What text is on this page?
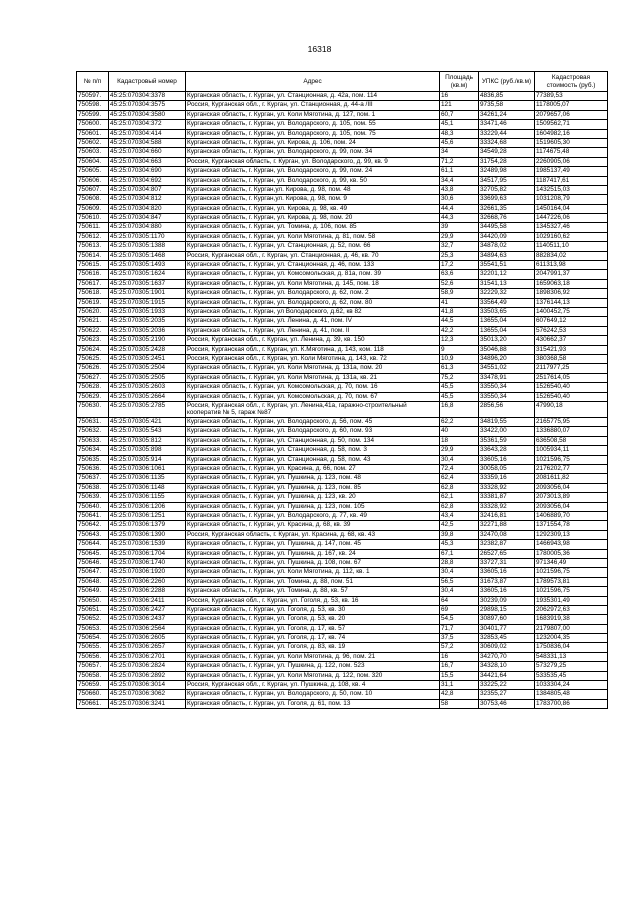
16318
№ п/п	Кадастровый номер	Адрес	Площадь (кв.м)	УПКС (руб./кв.м)	Кадастровая стоимость (руб.)
750597.	45:25:070304:3378	Курганская область, г. Курган, ул. Станционная, д. 42а, пом. 114	16	4836,85	77389,53
750598.	45:25:070304:3575	Россия, Курганская обл., г. Курган, ул. Станционная, д. 44-а /III	121	9735,58	1178005,07
750599.	45:25:070304:3580	Курганская область, г. Курган, ул. Коли Мяготина, д. 127, пом. 1	60,7	34261,24	2079657,06
750600.	45:25:070304:372	Курганская область, г. Курган, ул. Володарского, д. 105, пом. 55	45,1	33471,46	1509562,71
750601.	45:25:070304:414	Курганская область, г. Курган, ул. Володарского, д. 105, пом. 75	48,3	33229,44	1604982,16
750602.	45:25:070304:588	Курганская область, г. Курган, ул. Кирова, д. 106, пом. 24	45,6	33324,68	1519605,30
750603.	45:25:070304:660	Курганская область, г. Курган, ул. Володарского, д. 99, пом. 34	34	34549,28	1174675,48
750604.	45:25:070304:663	Россия, Курганская область, г. Курган, ул. Володарского, д. 99, кв. 9	71,2	31754,28	2260905,06
750605.	45:25:070304:690	Курганская область, г. Курган, ул. Володарского, д. 99, пом. 24	61,1	32489,98	1985137,49
750606.	45:25:070304:692	Курганская область, г. Курган, ул. Володарского, д. 99, кв. 50	34,4	34517,95	1187417,61
750607.	45:25:070304:807	Курганская область, г. Курган,ул. Кирова, д. 98, пом. 48	43,8	32705,82	1432515,03
750608.	45:25:070304:812	Курганская область, г. Курган,ул. Кирова, д. 98, пом. 9	30,6	33699,63	1031208,79
750609.	45:25:070304:820	Курганская область, г. Курган, ул. Кирова, д. 98, кв. 49	44,4	32661,35	1450164,04
750610.	45:25:070304:847	Курганская область, г. Курган, ул. Кирова, д. 98, пом. 20	44,3	32668,76	1447226,06
750611.	45:25:070304:880	Курганская область, г. Курган, ул. Томина, д. 106, пом. 85	39	34495,58	1345327,46
750612.	45:25:070305:1170	Курганская область, г. Курган, ул. Коли Мяготина, д. 81, пом. 58	29,9	34420,09	1029160,62
750613.	45:25:070305:1388	Курганская область, г. Курган, ул. Станционная, д. 52, пом. 66	32,7	34878,02	1140511,10
750614.	45:25:070305:1468	Россия, Курганская обл., г. Курган, ул. Станционная, д. 46, кв. 70	25,3	34894,63	882834,02
750615.	45:25:070305:1493	Курганская область, г. Курган, ул. Станционная, д. 46, пом. 133	17,2	35541,51	611313,98
750616.	45:25:070305:1624	Курганская область, г. Курган, ул. Комсомольская, д. 81а, пом. 39	63,6	32201,12	2047991,37
750617.	45:25:070305:1637	Курганская область, г. Курган, ул. Коли Мяготина, д. 145, пом. 18	52,6	31541,13	1659063,18
750618.	45:25:070305:1901	Курганская область, г. Курган, ул. Володарского, д. 62, пом. 2	58,9	32229,32	1898306,92
750619.	45:25:070305:1915	Курганская область, г. Курган, ул. Володарского, д. 62, пом. 80	41	33564,49	1376144,13
750620.	45:25:070305:1933	Курганская область, г. Курган, ул Володарского, д.62, кв 82	41,8	33503,65	1400452,75
750621.	45:25:070305:2035	Курганская область, г. Курган, ул. Ленина, д. 41, пом. IV	44,5	13655,04	607649,12
750622.	45:25:070305:2036	Курганская область, г. Курган, ул. Ленина, д. 41, пом. II	42,2	13655,04	576242,53
750623.	45:25:070305:2190	Россия, Курганская обл., г. Курган, ул. Ленина, д. 39, кв. 150	12,3	35013,20	430662,37
750624.	45:25:070305:2428	Россия, Курганская обл., г. Курган, ул. К.Мяготина, д. 143, ком. 118	9	35046,88	315421,93
750625.	45:25:070305:2451	Россия, Курганская обл., г. Курган, ул. Коли Мяготина, д. 143, кв. 72	10,9	34896,20	380368,58
750626.	45:25:070305:2504	Курганская область, г. Курган, ул. Коли Мяготина, д. 131а, пом. 20	61,3	34551,02	2117977,25
750627.	45:25:070305:2505	Курганская область, г. Курган, ул. Коли Мяготина, д. 131а, кв. 21	75,2	33478,91	2517614,05
750628.	45:25:070305:2603	Курганская область, г. Курган, ул. Комсомольская, д. 70, пом. 16	45,5	33550,34	1526540,40
750629.	45:25:070305:2664	Курганская область, г. Курган, ул. Комсомольская, д. 70, пом. 67	45,5	33550,34	1526540,40
750630.	45:25:070305:2785	Россия, Курганская обл., г. Курган, ул. Ленина,41а, гаражно-строительный кооператив № 5, гараж №87	16,8	2856,56	47990,18
750631.	45:25:070305:421	Курганская область, г. Курган, ул. Володарского, д. 56, пом. 45	62,2	34819,55	2165775,95
750632.	45:25:070305:543	Курганская область, г. Курган, ул. Володарского, д. 60, пом. 93	40	33422,00	1336880,07
750633.	45:25:070305:812	Курганская область, г. Курган, ул. Станционная, д. 50, пом. 134	18	35361,59	636508,58
750634.	45:25:070305:898	Курганская область, г. Курган, ул. Станционная, д. 58, пом. 3	29,9	33643,28	1005934,11
750635.	45:25:070305:914	Курганская область, г. Курган, ул. Станционная, д. 58, пом. 43	30,4	33605,16	1021596,75
750636.	45:25:070306:1061	Курганская область, г. Курган, ул. Красина, д. 66, пом. 27	72,4	30058,05	2176202,77
750637.	45:25:070306:1135	Курганская область, г. Курган, ул. Пушкина, д. 123, пом. 48	62,4	33359,16	2081611,82
750638.	45:25:070306:1148	Курганская область, г. Курган, ул. Пушкина, д. 123, пом. 85	62,8	33328,92	2093056,04
750639.	45:25:070306:1155	Курганская область, г. Курган, ул. Пушкина, д. 123, кв. 20	62,1	33381,87	2073013,89
750640.	45:25:070306:1206	Курганская область, г. Курган, ул. Пушкина, д. 123, пом. 105	62,8	33328,92	2093056,04
750641.	45:25:070306:1251	Курганская область, г. Курган, ул. Володарского, д. 77, кв. 49	43,4	32416,81	1406889,70
750642.	45:25:070306:1379	Курганская область, г. Курган, ул. Красина, д. 68, кв. 39	42,5	32271,88	1371554,78
750643.	45:25:070306:1390	Россия, Курганская область, г. Курган, ул. Красина, д. 68, кв. 43	39,8	32470,08	1292309,13
750644.	45:25:070306:1539	Курганская область, г. Курган, ул. Пушкина, д. 147, пом. 45	45,3	32382,87	1466943,98
750645.	45:25:070306:1704	Курганская область, г. Курган, ул. Пушкина, д. 167, кв. 24	67,1	26527,65	1780005,36
750646.	45:25:070306:1740	Курганская область, г. Курган, ул. Пушкина, д. 108, пом. 67	28,8	33727,31	971346,49
750647.	45:25:070306:1920	Курганская область, г. Курган, ул. Коли Мяготина, д. 112, кв. 1	30,4	33605,16	1021596,75
750648.	45:25:070306:2260	Курганская область, г. Курган, ул. Томина, д. 88, пом. 51	56,5	31673,87	1789573,81
750649.	45:25:070306:2288	Курганская область, г. Курган, ул. Томина, д. 88, кв. 57	30,4	33605,16	1021596,75
750650.	45:25:070306:2411	Россия, Курганская обл., г. Курган, ул. Гоголя, д. 53, кв. 16	64	30239,09	1935301,49
750651.	45:25:070306:2427	Курганская область, г. Курган, ул. Гоголя, д. 53, кв. 30	69	29898,15	2062972,63
750652.	45:25:070306:2437	Курганская область, г. Курган, ул. Гоголя, д. 53, кв. 20	54,5	30897,60	1683919,38
750653.	45:25:070306:2564	Курганская область, г. Курган, ул. Гоголя, д. 17, кв. 57	71,7	30401,77	2179807,00
750654.	45:25:070306:2605	Курганская область, г. Курган, ул. Гоголя, д. 17, кв. 74	37,5	32853,45	1232004,35
750655.	45:25:070306:2657	Курганская область, г. Курган, ул. Гоголя, д. 83, кв. 19	57,2	30609,02	1750836,04
750656.	45:25:070306:2701	Курганская область, г. Курган, ул. Коли Мяготина, д. 96, пом. 21	16	34270,70	548331,13
750657.	45:25:070306:2824	Курганская область, г. Курган, ул. Пушкина, д. 122, пом. 523	16,7	34328,10	573279,25
750658.	45:25:070306:2892	Курганская область, г. Курган, ул. Коли Мяготина, д. 122, пом. 320	15,5	34421,64	533535,45
750659.	45:25:070306:3014	Россия, Курганская обл., г. Курган, ул. Пушкина, д. 108, кв. 4	31,1	33225,22	1033304,24
750660.	45:25:070306:3062	Курганская область, г. Курган, ул. Володарского, д. 50, пом. 10	42,8	32355,27	1384805,48
750661.	45:25:070306:3241	Курганская область, г. Курган, ул. Гоголя, д. 61, пом. 13	58	30753,46	1783700,86
